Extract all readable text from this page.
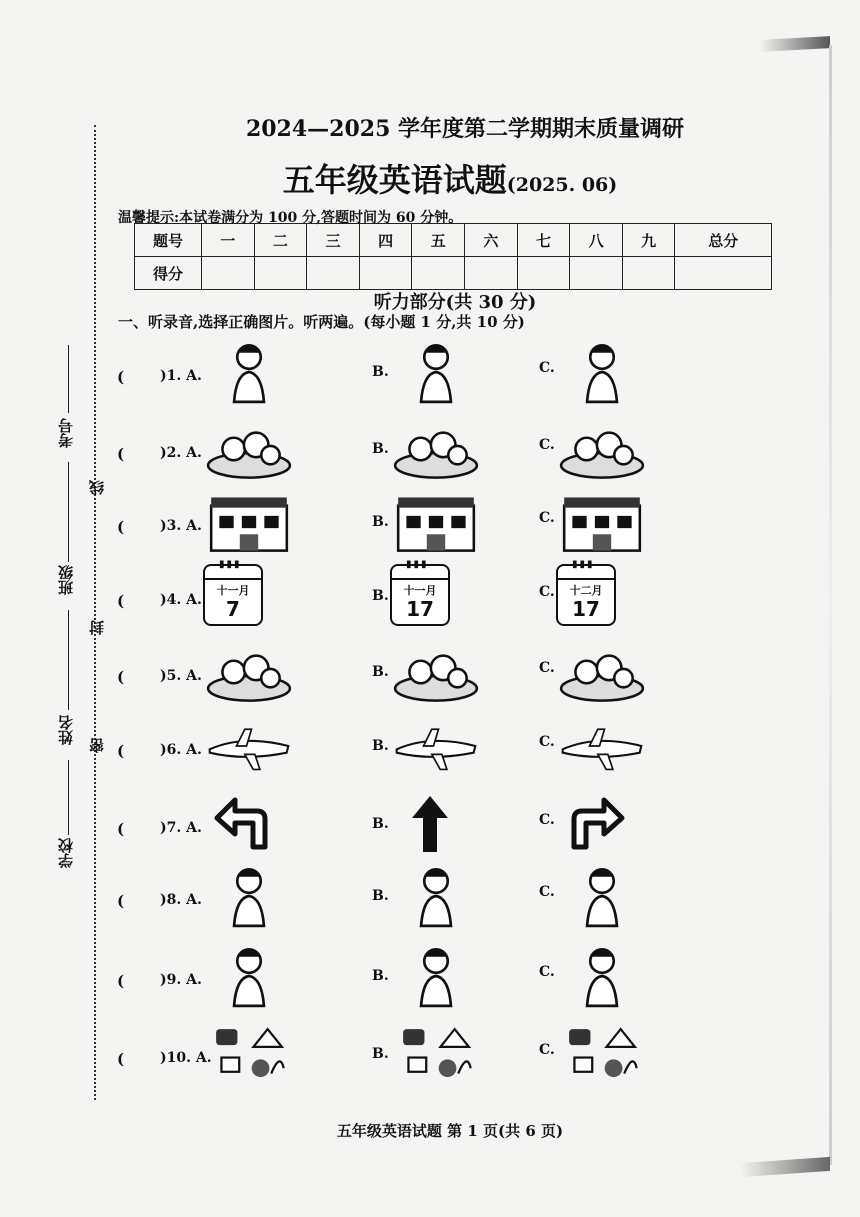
考号
线
班级
封
姓名
密
学校
2024—2025 学年度第二学期期末质量调研
五年级英语试题(2025. 06)
温馨提示:本试卷满分为 100 分,答题时间为 60 分钟。
题号	一	二	三	四	五	六	七	八	九	总分
得分										
听力部分(共 30 分)
一、听录音,选择正确图片。听两遍。(每小题 1 分,共 10 分)
(	)1. A.	B.	C.
(	)2. A.	B.	C.
(	)3. A.	B.	C.
(	)4. A.	B.	C.
▮▮▮
十一月
7
▮▮▮
十一月
17
▮▮▮
十二月
17
(	)5. A.	B.	C.
(	)6. A.	B.	C.
(	)7. A.	B.	C.
(	)8. A.	B.	C.
(	)9. A.	B.	C.
(	)10. A.	B.	C.
五年级英语试题 第 1 页(共 6 页)
